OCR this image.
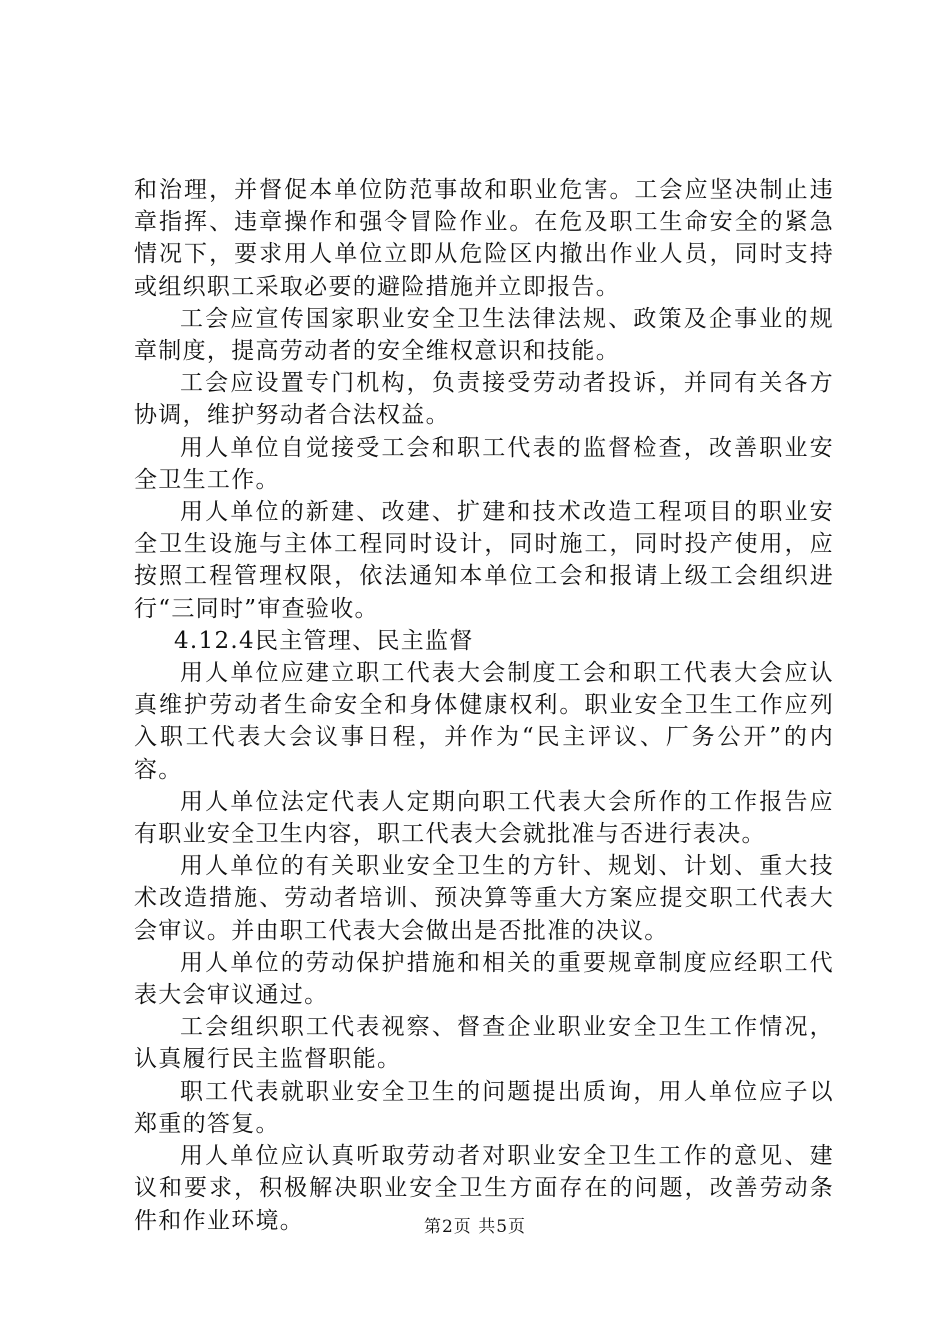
和治理，并督促本单位防范事故和职业危害。工会应坚决制止违章指挥、违章操作和强令冒险作业。在危及职工生命安全的紧急情况下，要求用人单位立即从危险区内撤出作业人员，同时支持或组织职工采取必要的避险措施并立即报告。

工会应宣传国家职业安全卫生法律法规、政策及企事业的规章制度，提高劳动者的安全维权意识和技能。

工会应设置专门机构，负责接受劳动者投诉，并同有关各方协调，维护努动者合法权益。

用人单位自觉接受工会和职工代表的监督检查，改善职业安全卫生工作。

用人单位的新建、改建、扩建和技术改造工程项目的职业安全卫生设施与主体工程同时设计，同时施工，同时投产使用，应按照工程管理权限，依法通知本单位工会和报请上级工会组织进行“三同时”审查验收。

4.12.4民主管理、民主监督

用人单位应建立职工代表大会制度工会和职工代表大会应认真维护劳动者生命安全和身体健康权利。职业安全卫生工作应列入职工代表大会议事日程，并作为“民主评议、厂务公开”的内容。

用人单位法定代表人定期向职工代表大会所作的工作报告应有职业安全卫生内容，职工代表大会就批准与否进行表决。

用人单位的有关职业安全卫生的方针、规划、计划、重大技术改造措施、劳动者培训、预决算等重大方案应提交职工代表大会审议。并由职工代表大会做出是否批准的决议。

用人单位的劳动保护措施和相关的重要规章制度应经职工代表大会审议通过。

工会组织职工代表视察、督查企业职业安全卫生工作情况，认真履行民主监督职能。

职工代表就职业安全卫生的问题提出质询，用人单位应子以郑重的答复。

用人单位应认真听取劳动者对职业安全卫生工作的意见、建议和要求，积极解决职业安全卫生方面存在的问题，改善劳动条件和作业环境。	第2页 共5页
